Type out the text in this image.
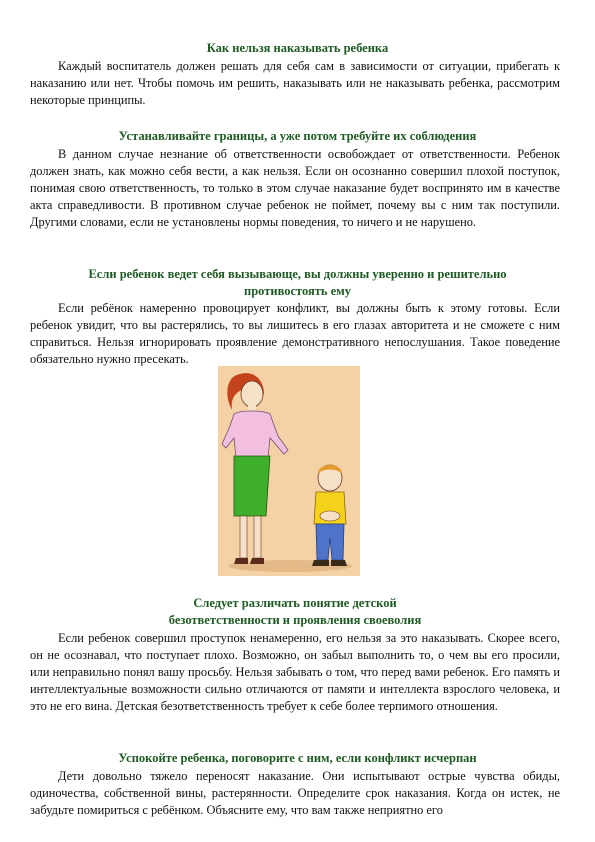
Как нельзя наказывать ребенка

Каждый воспитатель должен решать для себя сам в зависимости от ситуации, прибегать к наказанию или нет. Чтобы помочь им решить, наказывать или не наказывать ребенка, рассмотрим некоторые принципы.

Устанавливайте границы, а уже потом требуйте их соблюдения

В данном случае незнание об ответственности освобождает от ответственности. Ребенок должен знать, как можно себя вести, а как нельзя. Если он осознанно совершил плохой поступок, понимая свою ответственность, то только в этом случае наказание будет воспринято им в качестве акта справедливости. В противном случае ребенок не поймет, почему вы с ним так поступили. Другими словами, если не установлены нормы поведения, то ничего и не нарушено.

Если ребенок ведет себя вызывающе, вы должны уверенно и решительно противостоять ему

Если ребёнок намеренно провоцирует конфликт, вы должны быть к этому готовы. Если ребенок увидит, что вы растерялись, то вы лишитесь в его глазах авторитета и не сможете с ним справиться. Нельзя игнорировать проявление демонстративного непослушания. Такое поведение обязательно нужно пресекать.

Следует различать понятие детской безответственности и проявления своеволия

Если ребенок совершил проступок ненамеренно, его нельзя за это наказывать. Скорее всего, он не осознавал, что поступает плохо. Возможно, он забыл выполнить то, о чем вы его просили, или неправильно понял вашу просьбу. Нельзя забывать о том, что перед вами ребенок. Его память и интеллектуальные возможности сильно отличаются от памяти и интеллекта взрослого человека, и это не его вина. Детская безответственность требует к себе более терпимого отношения.

Успокойте ребенка, поговорите с ним, если конфликт исчерпан

Дети довольно тяжело переносят наказание. Они испытывают острые чувства обиды, одиночества, собственной вины, растерянности. Определите срок наказания. Когда он истек, не забудьте помириться с ребёнком. Объясните ему, что вам также неприятно его
